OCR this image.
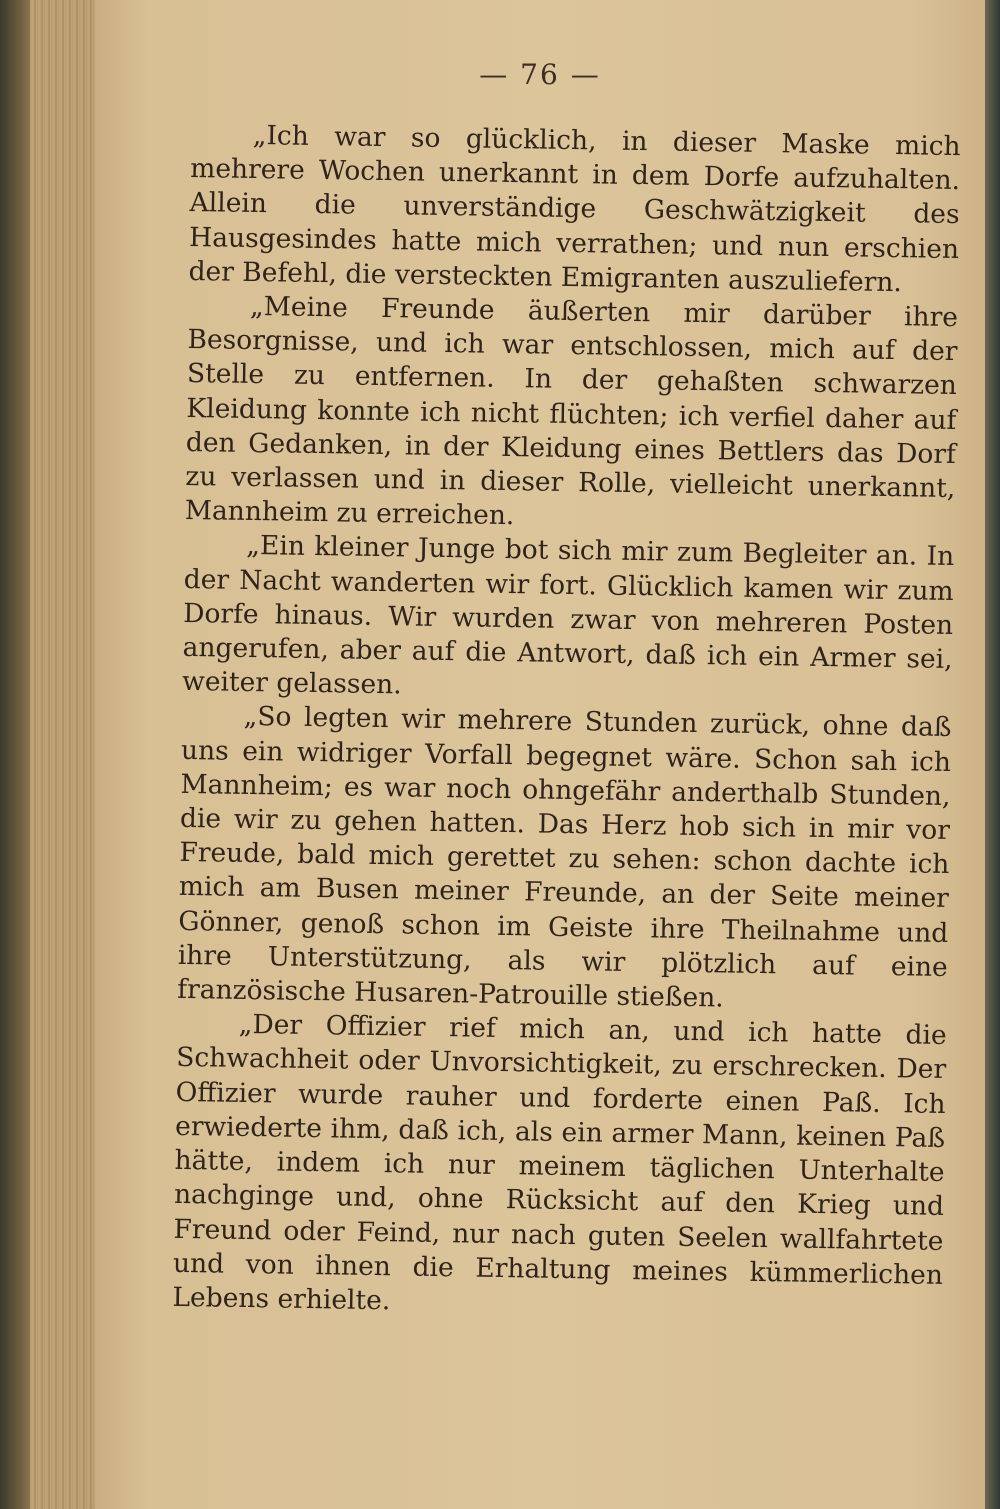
— 76 —

„Ich war so glücklich, in dieser Maske mich mehrere Wochen unerkannt in dem Dorfe aufzuhalten. Allein die unverständige Geschwätzigkeit des Hausgesindes hatte mich verrathen; und nun erschien der Befehl, die versteckten Emigranten auszuliefern.

„Meine Freunde äußerten mir darüber ihre Besorgnisse, und ich war entschlossen, mich auf der Stelle zu entfernen. In der gehaßten schwarzen Kleidung konnte ich nicht flüchten; ich verfiel daher auf den Gedanken, in der Kleidung eines Bettlers das Dorf zu verlassen und in dieser Rolle, vielleicht unerkannt, Mannheim zu erreichen.

„Ein kleiner Junge bot sich mir zum Begleiter an. In der Nacht wanderten wir fort. Glücklich kamen wir zum Dorfe hinaus. Wir wurden zwar von mehreren Posten angerufen, aber auf die Antwort, daß ich ein Armer sei, weiter gelassen.

„So legten wir mehrere Stunden zurück, ohne daß uns ein widriger Vorfall begegnet wäre. Schon sah ich Mannheim; es war noch ohngefähr anderthalb Stunden, die wir zu gehen hatten. Das Herz hob sich in mir vor Freude, bald mich gerettet zu sehen: schon dachte ich mich am Busen meiner Freunde, an der Seite meiner Gönner, genoß schon im Geiste ihre Theilnahme und ihre Unterstützung, als wir plötzlich auf eine französische Husaren-Patrouille stießen.

„Der Offizier rief mich an, und ich hatte die Schwachheit oder Unvorsichtigkeit, zu erschrecken. Der Offizier wurde rauher und forderte einen Paß. Ich erwiederte ihm, daß ich, als ein armer Mann, keinen Paß hätte, indem ich nur meinem täglichen Unterhalte nachginge und, ohne Rücksicht auf den Krieg und Freund oder Feind, nur nach guten Seelen wallfahrtete und von ihnen die Erhaltung meines kümmerlichen Lebens erhielte.
